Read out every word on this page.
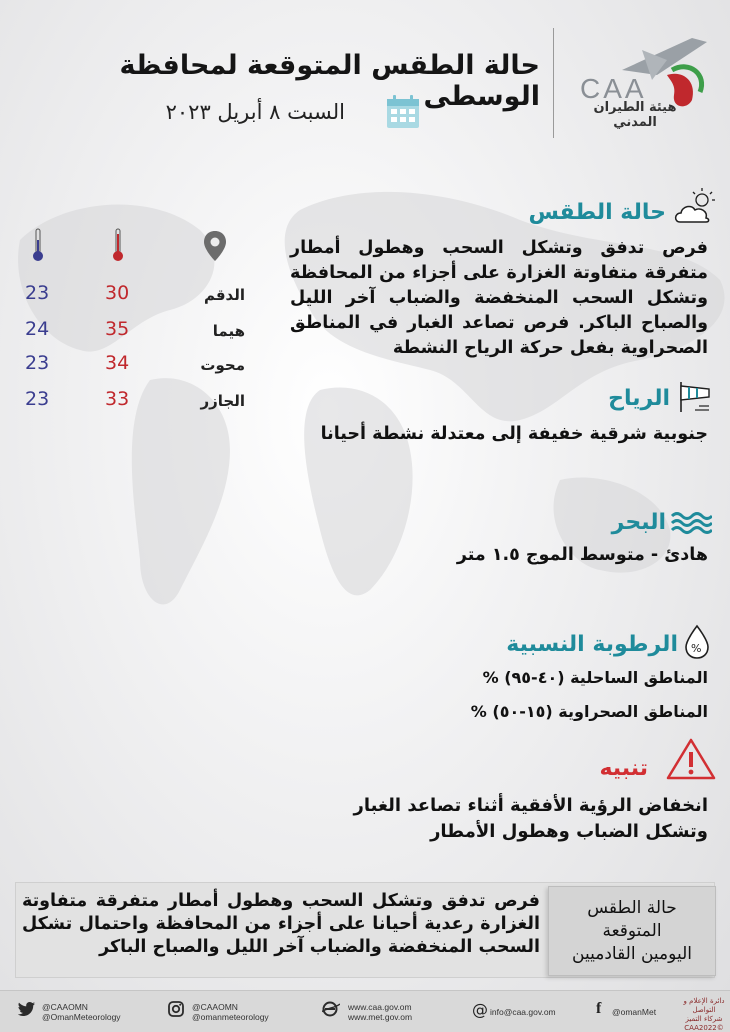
حالة الطقس المتوقعة لمحافظة الوسطى
السبت ٨ أبريل ٢٠٢٣
CAA
هيئة الطيران المدني
23	30	الدقم
24	35	هيما
23	34	محوت
23	33	الجازر
حالة الطقس
فرص تدفق وتشكل السحب وهطول أمطار متفرقة متفاوتة الغزارة على أجزاء من المحافظة وتشكل السحب المنخفضة والضباب آخر الليل والصباح الباكر. فرص تصاعد الغبار في المناطق الصحراوية بفعل حركة الرياح النشطة
الرياح
جنوبية شرقية خفيفة إلى معتدلة نشطة أحيانا
البحر
هادئ - متوسط الموج ١.٥ متر
%
الرطوبة النسبية
المناطق الساحلية (٤٠-٩٥) %
المناطق الصحراوية (١٥-٥٠) %
تنبيه
انخفاض الرؤية الأفقية أثناء تصاعد الغبار وتشكل الضباب وهطول الأمطار
فرص تدفق وتشكل السحب وهطول أمطار متفرقة متفاوتة الغزارة رعدية أحيانا على أجزاء من المحافظة واحتمال تشكل السحب المنخفضة والضباب آخر الليل والصباح الباكر
حالة الطقس
المتوقعة
اليومين القادميين
@CAAOMN
@OmanMeteorology
@CAAOMN
@omanmeteorology
www.caa.gov.om
www.met.gov.om	@ info@caa.gov.om	f @omanMet
دائرة الإعلام و التواصل
شركاء التميز
©CAA2022
